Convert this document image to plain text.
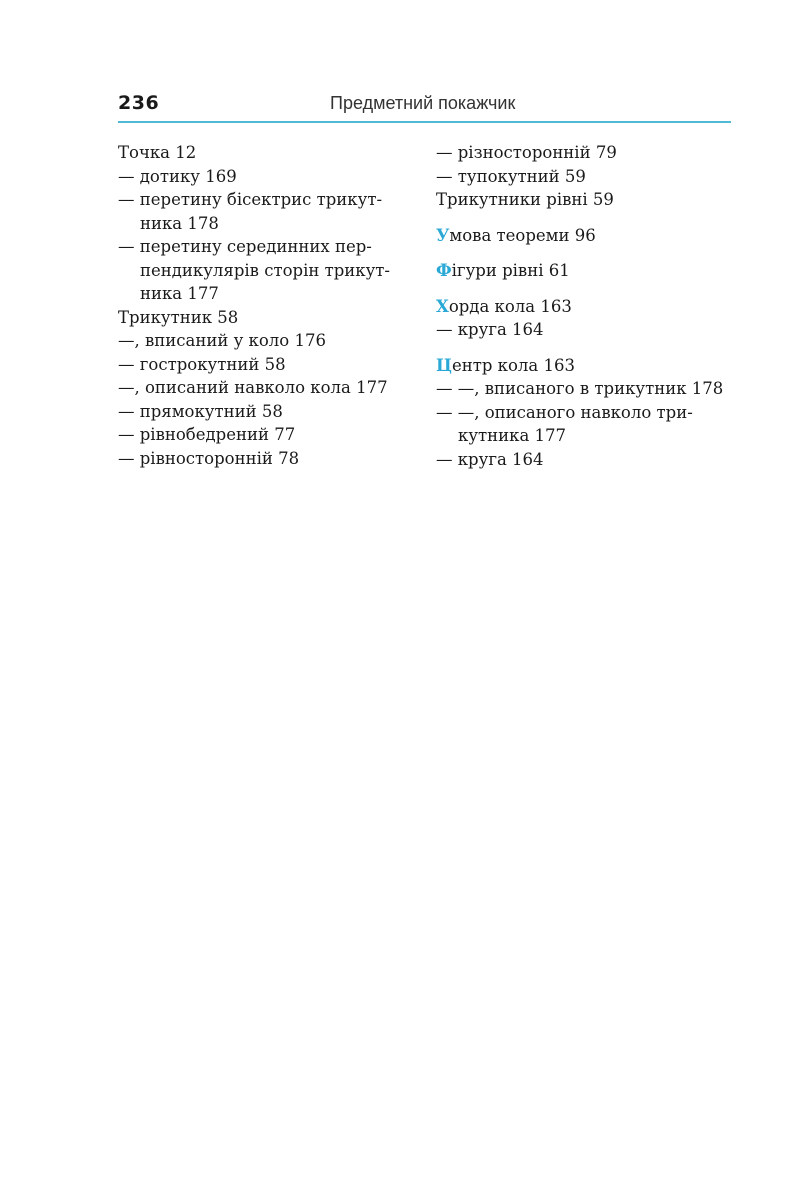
236	Предметний покажчик
Точка 12
— дотику 169
— перетину бісектрис трикут-
ника 178
— перетину серединних пер-
пендикулярів сторін трикут-
ника 177
Трикутник 58
—, вписаний у коло 176
— гострокутний 58
—, описаний навколо кола 177
— прямокутний 58
— рівнобедрений 77
— рівносторонній 78
— різносторонній 79
— тупокутний 59
Трикутники рівні 59
Умова теореми 96
Фігури рівні 61
Хорда кола 163
— круга 164
Центр кола 163
— —, вписаного в трикутник 178
— —, описаного навколо три-
кутника 177
— круга 164
